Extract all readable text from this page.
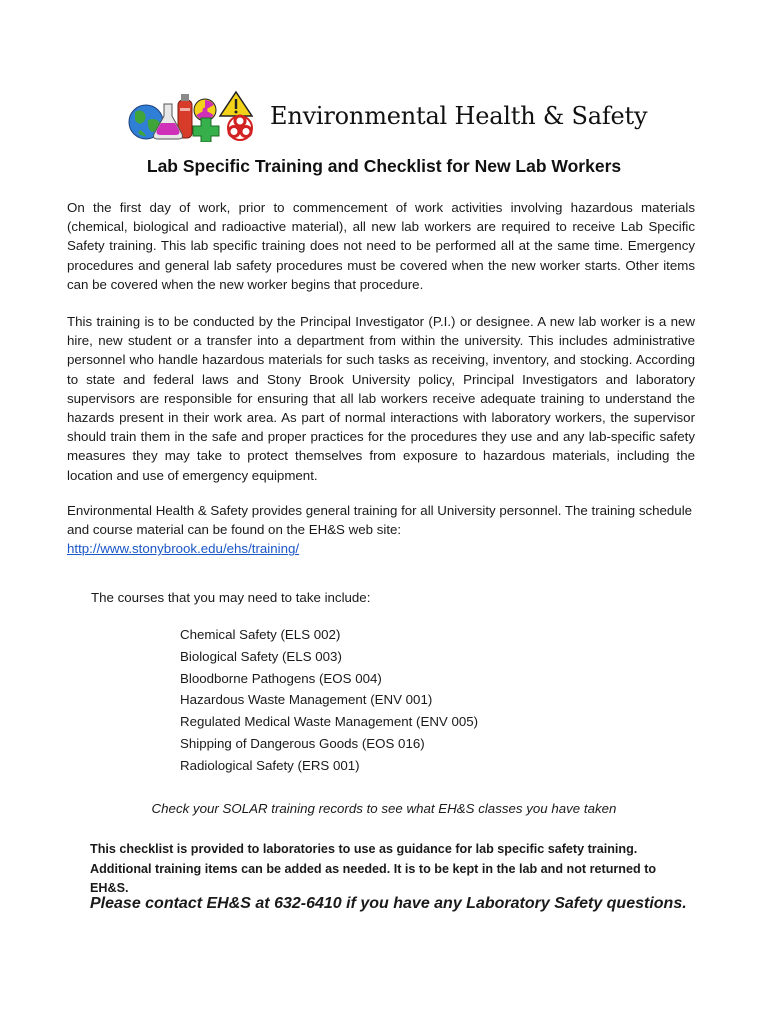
Environmental Health & Safety
Lab Specific Training and Checklist for New Lab Workers

On the first day of work, prior to commencement of work activities involving hazardous materials (chemical, biological and radioactive material), all new lab workers are required to receive Lab Specific Safety training. This lab specific training does not need to be performed all at the same time. Emergency procedures and general lab safety procedures must be covered when the new worker starts. Other items can be covered when the new worker begins that procedure.

This training is to be conducted by the Principal Investigator (P.I.) or designee. A new lab worker is a new hire, new student or a transfer into a department from within the university. This includes administrative personnel who handle hazardous materials for such tasks as receiving, inventory, and stocking. According to state and federal laws and Stony Brook University policy, Principal Investigators and laboratory supervisors are responsible for ensuring that all lab workers receive adequate training to understand the hazards present in their work area. As part of normal interactions with laboratory workers, the supervisor should train them in the safe and proper practices for the procedures they use and any lab-specific safety measures they may take to protect themselves from exposure to hazardous materials, including the location and use of emergency equipment.

Environmental Health & Safety provides general training for all University personnel. The training schedule and course material can be found on the EH&S web site:
http://www.stonybrook.edu/ehs/training/

The courses that you may need to take include:

Chemical Safety (ELS 002)
Biological Safety (ELS 003)
Bloodborne Pathogens (EOS 004)
Hazardous Waste Management (ENV 001)
Regulated Medical Waste Management (ENV 005)
Shipping of Dangerous Goods (EOS 016)
Radiological Safety (ERS 001)

Check your SOLAR training records to see what EH&S classes you have taken

This checklist is provided to laboratories to use as guidance for lab specific safety training. Additional training items can be added as needed. It is to be kept in the lab and not returned to EH&S.

Please contact EH&S at 632-6410 if you have any Laboratory Safety questions.
